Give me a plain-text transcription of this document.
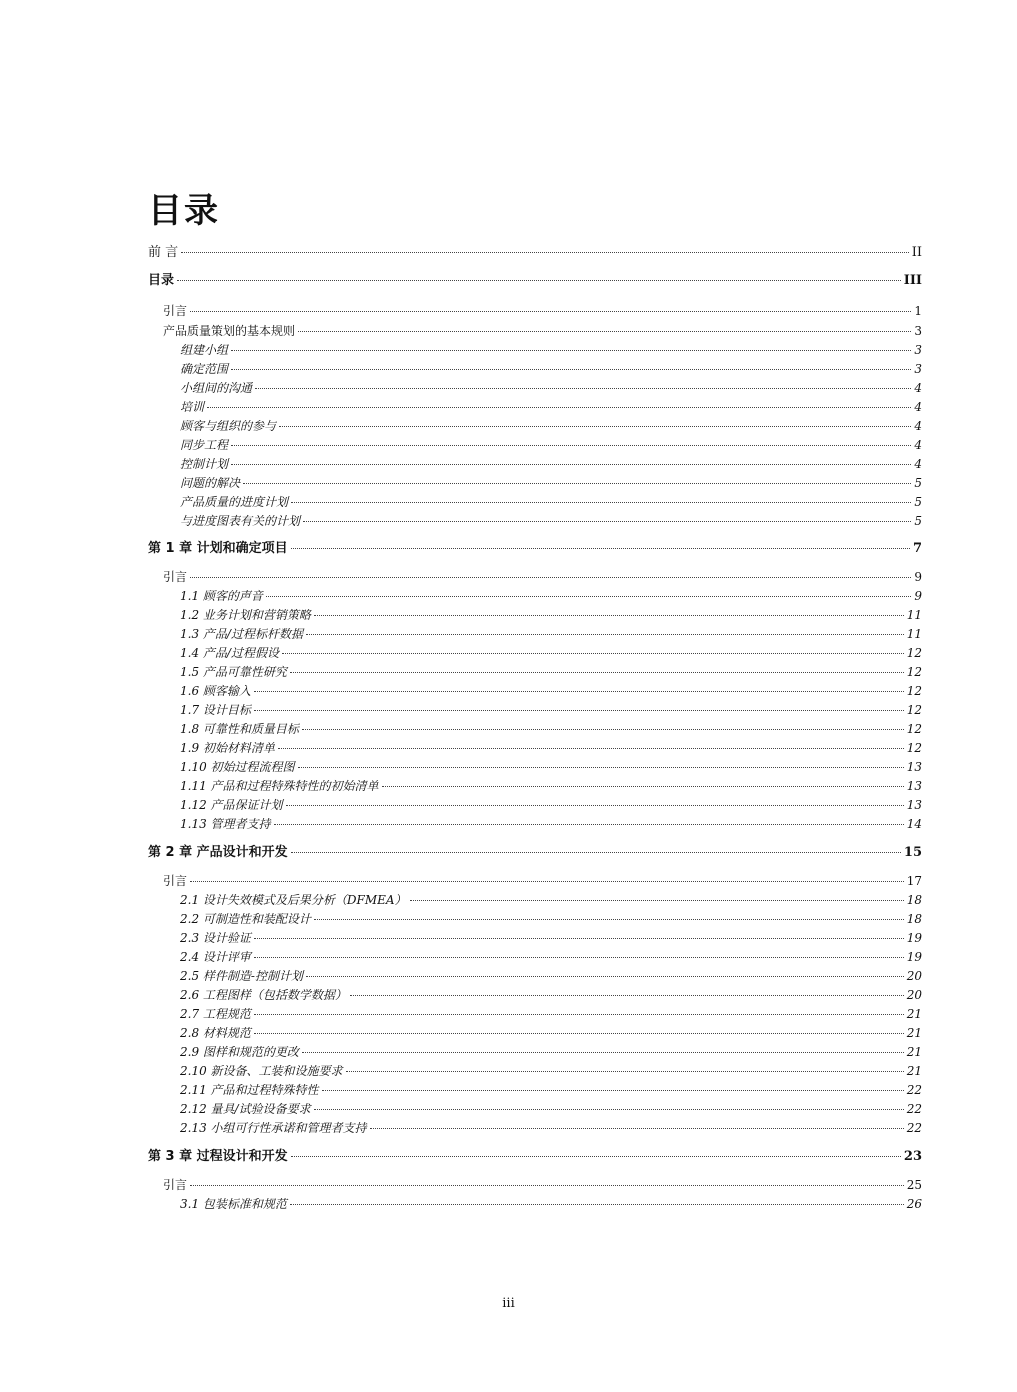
目录
前 言	II
目录	III
引言	1
产品质量策划的基本规则	3
组建小组	3
确定范围	3
小组间的沟通	4
培训	4
顾客与组织的参与	4
同步工程	4
控制计划	4
问题的解决	5
产品质量的进度计划	5
与进度图表有关的计划	5
第 1 章 计划和确定项目	7
引言	9
1.1 顾客的声音	9
1.2 业务计划和营销策略	11
1.3 产品/过程标杆数据	11
1.4 产品/过程假设	12
1.5 产品可靠性研究	12
1.6 顾客输入	12
1.7 设计目标	12
1.8 可靠性和质量目标	12
1.9 初始材料清单	12
1.10 初始过程流程图	13
1.11 产品和过程特殊特性的初始清单	13
1.12 产品保证计划	13
1.13 管理者支持	14
第 2 章 产品设计和开发	15
引言	17
2.1 设计失效模式及后果分析（DFMEA）	18
2.2 可制造性和装配设计	18
2.3 设计验证	19
2.4 设计评审	19
2.5 样件制造-控制计划	20
2.6 工程图样（包括数学数据）	20
2.7 工程规范	21
2.8 材料规范	21
2.9 图样和规范的更改	21
2.10 新设备、工装和设施要求	21
2.11 产品和过程特殊特性	22
2.12 量具/试验设备要求	22
2.13 小组可行性承诺和管理者支持	22
第 3 章 过程设计和开发	23
引言	25
3.1 包装标准和规范	26
iii
